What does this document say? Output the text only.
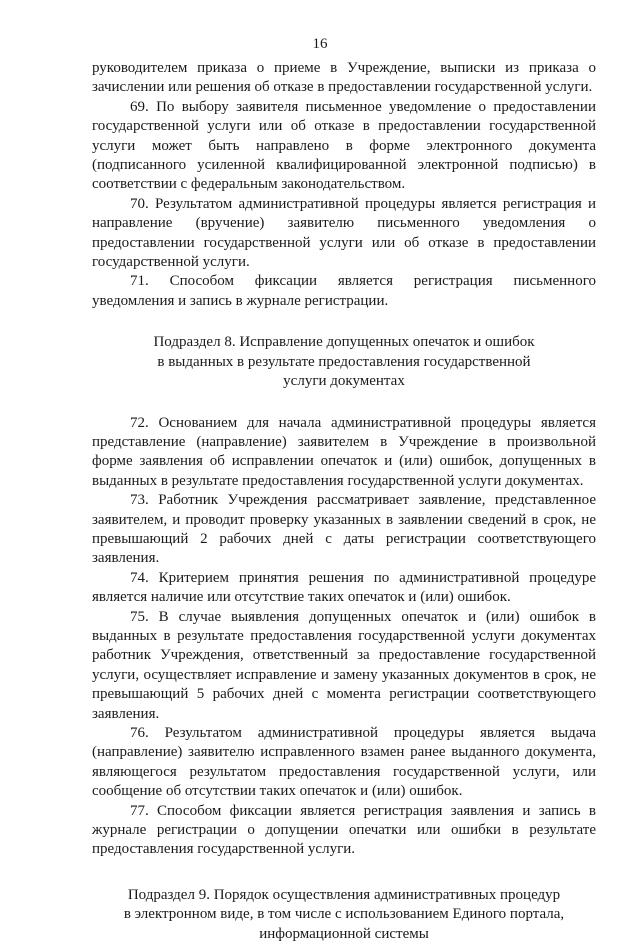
16

руководителем приказа о приеме в Учреждение, выписки из приказа о зачислении или решения об отказе в предоставлении государственной услуги.

69. По выбору заявителя письменное уведомление о предоставлении государственной услуги или об отказе в предоставлении государственной услуги может быть направлено в форме электронного документа (подписанного усиленной квалифицированной электронной подписью) в соответствии с федеральным законодательством.

70. Результатом административной процедуры является регистрация и направление (вручение) заявителю письменного уведомления о предоставлении государственной услуги или об отказе в предоставлении государственной услуги.

71. Способом фиксации является регистрация письменного уведомления и запись в журнале регистрации.

Подраздел 8. Исправление допущенных опечаток и ошибок
в выданных в результате предоставления государственной
услуги документах

72. Основанием для начала административной процедуры является представление (направление) заявителем в Учреждение в произвольной форме заявления об исправлении опечаток и (или) ошибок, допущенных в выданных в результате предоставления государственной услуги документах.

73. Работник Учреждения рассматривает заявление, представленное заявителем, и проводит проверку указанных в заявлении сведений в срок, не превышающий 2 рабочих дней с даты регистрации соответствующего заявления.

74. Критерием принятия решения по административной процедуре является наличие или отсутствие таких опечаток и (или) ошибок.

75. В случае выявления допущенных опечаток и (или) ошибок в выданных в результате предоставления государственной услуги документах работник Учреждения, ответственный за предоставление государственной услуги, осуществляет исправление и замену указанных документов в срок, не превышающий 5 рабочих дней с момента регистрации соответствующего заявления.

76. Результатом административной процедуры является выдача (направление) заявителю исправленного взамен ранее выданного документа, являющегося результатом предоставления государственной услуги, или сообщение об отсутствии таких опечаток и (или) ошибок.

77. Способом фиксации является регистрация заявления и запись в журнале регистрации о допущении опечатки или ошибки в результате предоставления государственной услуги.

Подраздел 9. Порядок осуществления административных процедур
в электронном виде, в том числе с использованием Единого портала,
информационной системы
